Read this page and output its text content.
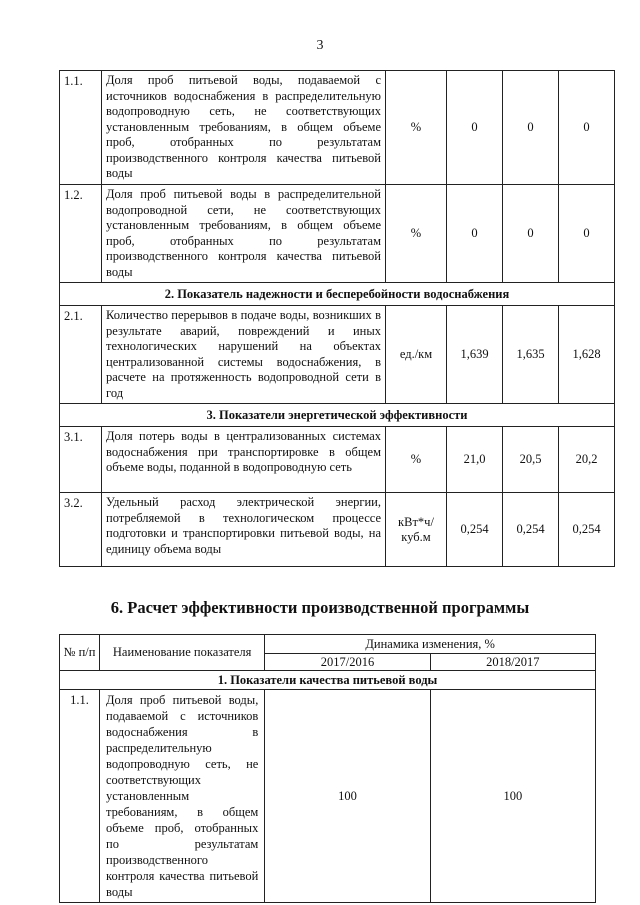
3
1.1.	Доля проб питьевой воды, подаваемой с источников водоснабжения в распределительную водопроводную сеть, не соответствующих установленным требованиям, в общем объеме проб, отобранных по результатам производственного контроля качества питьевой воды	%	0	0	0
1.2.	Доля проб питьевой воды в распределительной водопроводной сети, не соответствующих установленным требованиям, в общем объеме проб, отобранных по результатам производственного контроля качества питьевой воды	%	0	0	0
2. Показатель надежности и бесперебойности водоснабжения					
2.1.	Количество перерывов в подаче воды, возникших в результате аварий, повреждений и иных технологических нарушений на объектах централизованной системы водоснабжения, в расчете на протяженность водопроводной сети в год	ед./км	1,639	1,635	1,628
3. Показатели энергетической эффективности					
3.1.	Доля потерь воды в централизованных системах водоснабжения при транспортировке в общем объеме воды, поданной в водопроводную сеть	%	21,0	20,5	20,2
3.2.	Удельный расход электрической энергии, потребляемой в технологическом процессе подготовки и транспортировки питьевой воды, на единицу объема воды	кВт*ч/ куб.м	0,254	0,254	0,254
6. Расчет эффективности производственной программы
№ п/п	Наименование показателя	Динамика изменения, %	
		2017/2016	2018/2017
1. Показатели качества питьевой воды			
1.1.	Доля проб питьевой воды, подаваемой с источников водоснабжения в распределительную водопроводную сеть, не соответствующих установленным требованиям, в общем объеме проб, отобранных по результатам производственного контроля качества питьевой воды	100	100
